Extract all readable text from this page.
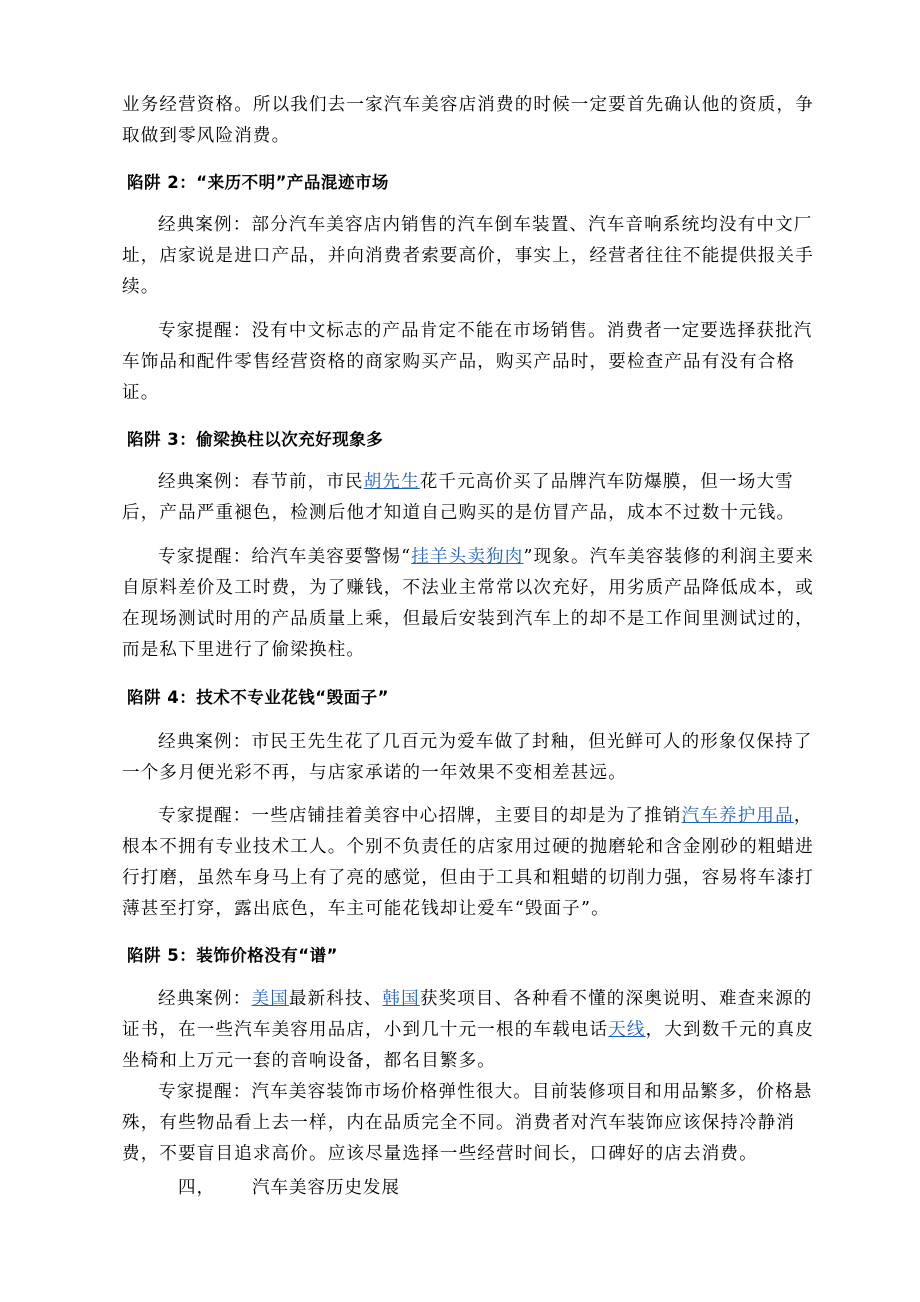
业务经营资格。所以我们去一家汽车美容店消费的时候一定要首先确认他的资质，争取做到零风险消费。
陷阱 2：“来历不明”产品混迹市场
经典案例：部分汽车美容店内销售的汽车倒车装置、汽车音响系统均没有中文厂址，店家说是进口产品，并向消费者索要高价，事实上，经营者往往不能提供报关手续。
专家提醒：没有中文标志的产品肯定不能在市场销售。消费者一定要选择获批汽车饰品和配件零售经营资格的商家购买产品，购买产品时，要检查产品有没有合格证。
陷阱 3：偷梁换柱以次充好现象多
经典案例：春节前，市民胡先生花千元高价买了品牌汽车防爆膜，但一场大雪后，产品严重褪色，检测后他才知道自己购买的是仿冒产品，成本不过数十元钱。
专家提醒：给汽车美容要警惕“挂羊头卖狗肉”现象。汽车美容装修的利润主要来自原料差价及工时费，为了赚钱，不法业主常常以次充好，用劣质产品降低成本，或在现场测试时用的产品质量上乘，但最后安装到汽车上的却不是工作间里测试过的，而是私下里进行了偷梁换柱。
陷阱 4：技术不专业花钱“毁面子”
经典案例：市民王先生花了几百元为爱车做了封釉，但光鲜可人的形象仅保持了一个多月便光彩不再，与店家承诺的一年效果不变相差甚远。
专家提醒：一些店铺挂着美容中心招牌，主要目的却是为了推销汽车养护用品，根本不拥有专业技术工人。个别不负责任的店家用过硬的抛磨轮和含金刚砂的粗蜡进行打磨，虽然车身马上有了亮的感觉，但由于工具和粗蜡的切削力强，容易将车漆打薄甚至打穿，露出底色，车主可能花钱却让爱车“毁面子”。
陷阱 5：装饰价格没有“谱”
经典案例：美国最新科技、韩国获奖项目、各种看不懂的深奥说明、难查来源的证书，在一些汽车美容用品店，小到几十元一根的车载电话天线，大到数千元的真皮坐椅和上万元一套的音响设备，都名目繁多。
专家提醒：汽车美容装饰市场价格弹性很大。目前装修项目和用品繁多，价格悬殊，有些物品看上去一样，内在品质完全不同。消费者对汽车装饰应该保持冷静消费，不要盲目追求高价。应该尽量选择一些经营时间长，口碑好的店去消费。
四， 汽车美容历史发展
